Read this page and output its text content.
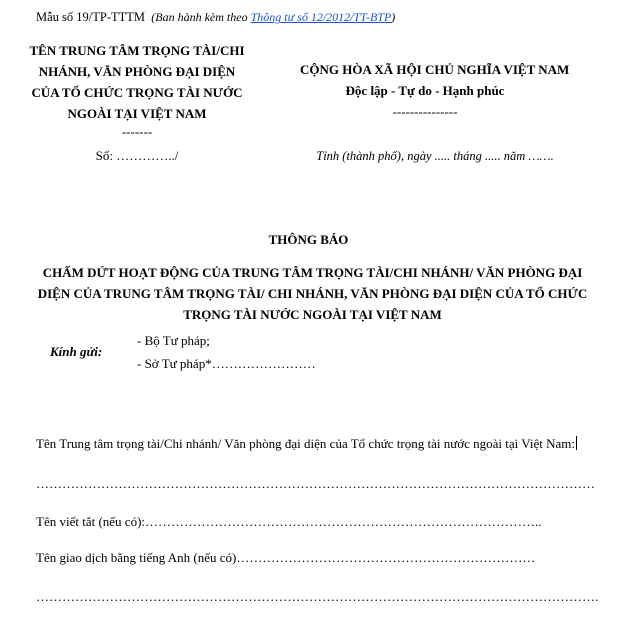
Mẫu số 19/TP-TTTM (Ban hành kèm theo Thông tư số 12/2012/TT-BTP)
TÊN TRUNG TÂM TRỌNG TÀI/CHI NHÁNH, VĂN PHÒNG ĐẠI DIỆN CỦA TỔ CHỨC TRỌNG TÀI NƯỚC NGOÀI TẠI VIỆT NAM
-------
Số: …………../
CỘNG HÒA XÃ HỘI CHỦ NGHĨA VIỆT NAM
Độc lập - Tự do - Hạnh phúc
---------------
Tỉnh (thành phố), ngày ..... tháng ..... năm …….
THÔNG BÁO
CHẤM DỨT HOẠT ĐỘNG CỦA TRUNG TÂM TRỌNG TÀI/CHI NHÁNH/ VĂN PHÒNG ĐẠI DIỆN CỦA TRUNG TÂM TRỌNG TÀI/ CHI NHÁNH, VĂN PHÒNG ĐẠI DIỆN CỦA TỔ CHỨC TRỌNG TÀI NƯỚC NGOÀI TẠI VIỆT NAM
Kính gửi:
- Bộ Tư pháp;
- Sở Tư pháp*……………………
Tên Trung tâm trọng tài/Chi nhánh/ Văn phòng đại diện của Tổ chức trọng tài nước ngoài tại Việt Nam:
…………………………………………………………………………………………………………………
Tên viết tắt (nếu có):………………………………………………………………………………..
Tên giao dịch bằng tiếng Anh (nếu có)……………………………………………………………
………………………………………………………………………………………………………………….
